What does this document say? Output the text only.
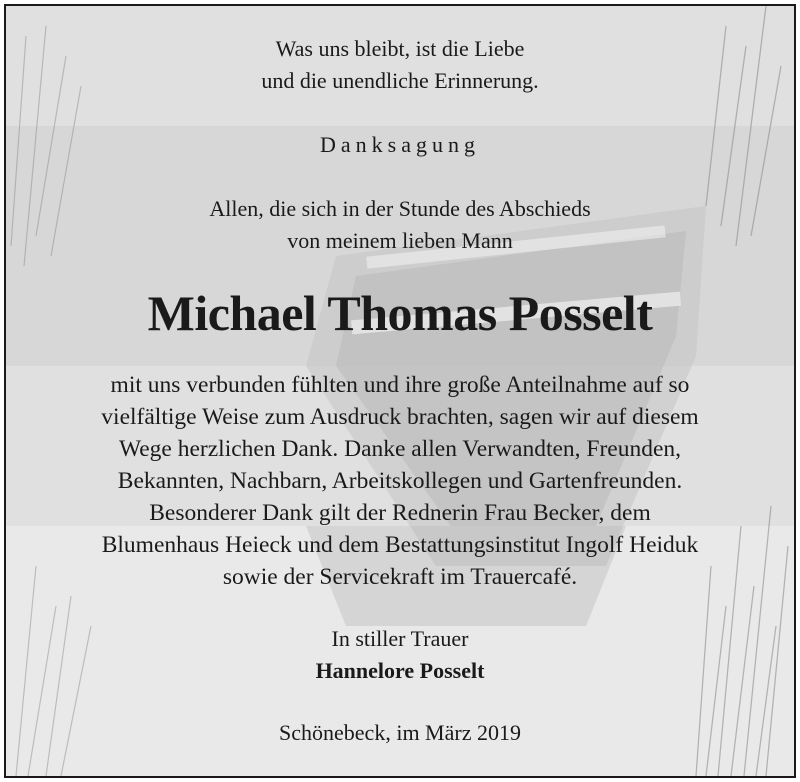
Was uns bleibt, ist die Liebe
und die unendliche Erinnerung.
Danksagung
Allen, die sich in der Stunde des Abschieds
von meinem lieben Mann
Michael Thomas Posselt
mit uns verbunden fühlten und ihre große Anteilnahme auf so
vielfältige Weise zum Ausdruck brachten, sagen wir auf diesem
Wege herzlichen Dank. Danke allen Verwandten, Freunden,
Bekannten, Nachbarn, Arbeitskollegen und Gartenfreunden.
Besonderer Dank gilt der Rednerin Frau Becker, dem
Blumenhaus Heieck und dem Bestattungsinstitut Ingolf Heiduk
sowie der Servicekraft im Trauercafé.
In stiller Trauer
Hannelore Posselt
Schönebeck, im März 2019
